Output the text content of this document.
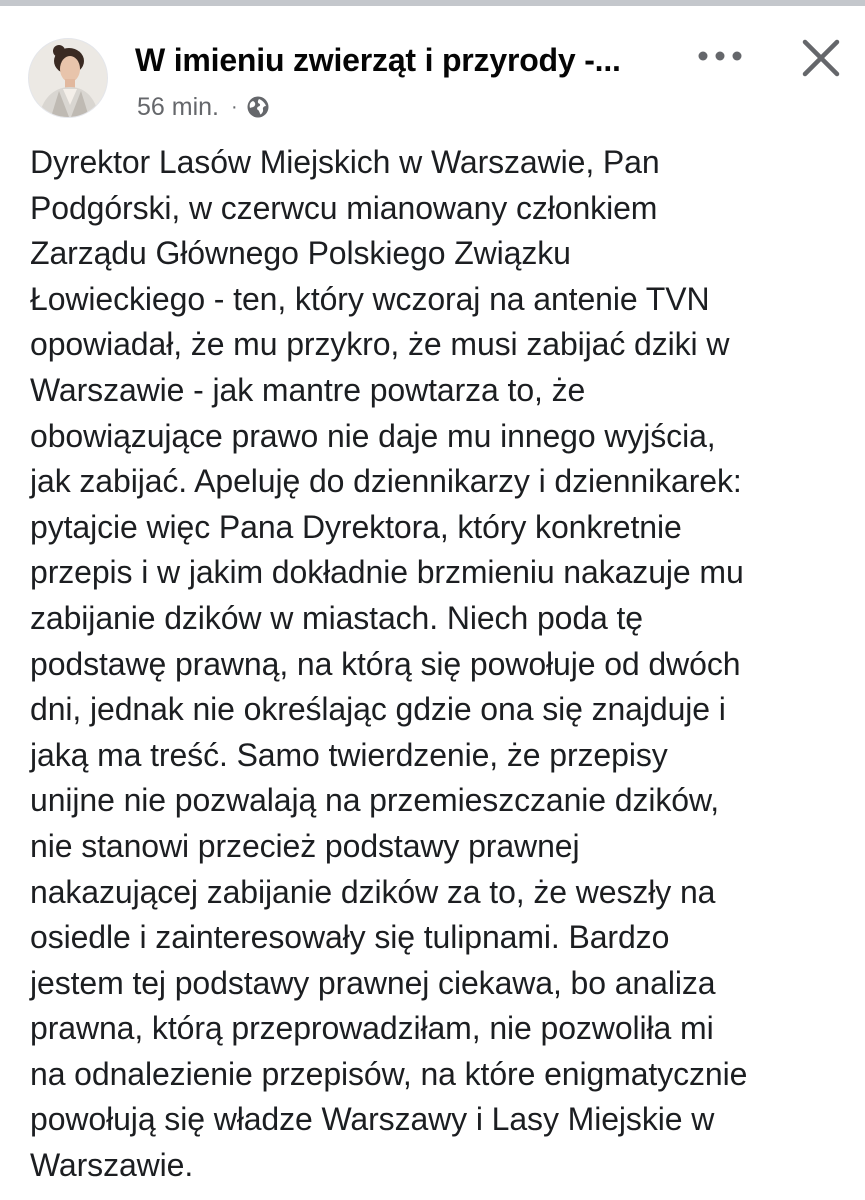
W imieniu zwierząt i przyrody -...
56 min. ·
Dyrektor Lasów Miejskich w Warszawie, Pan
Podgórski, w czerwcu mianowany członkiem
Zarządu Głównego Polskiego Związku
Łowieckiego - ten, który wczoraj na antenie TVN
opowiadał, że mu przykro, że musi zabijać dziki w
Warszawie - jak mantre powtarza to, że
obowiązujące prawo nie daje mu innego wyjścia,
jak zabijać. Apeluję do dziennikarzy i dziennikarek:
pytajcie więc Pana Dyrektora, który konkretnie
przepis i w jakim dokładnie brzmieniu nakazuje mu
zabijanie dzików w miastach. Niech poda tę
podstawę prawną, na którą się powołuje od dwóch
dni, jednak nie określając gdzie ona się znajduje i
jaką ma treść. Samo twierdzenie, że przepisy
unijne nie pozwalają na przemieszczanie dzików,
nie stanowi przecież podstawy prawnej
nakazującej zabijanie dzików za to, że weszły na
osiedle i zainteresowały się tulipnami. Bardzo
jestem tej podstawy prawnej ciekawa, bo analiza
prawna, którą przeprowadziłam, nie pozwoliła mi
na odnalezienie przepisów, na które enigmatycznie
powołują się władze Warszawy i Lasy Miejskie w
Warszawie.
